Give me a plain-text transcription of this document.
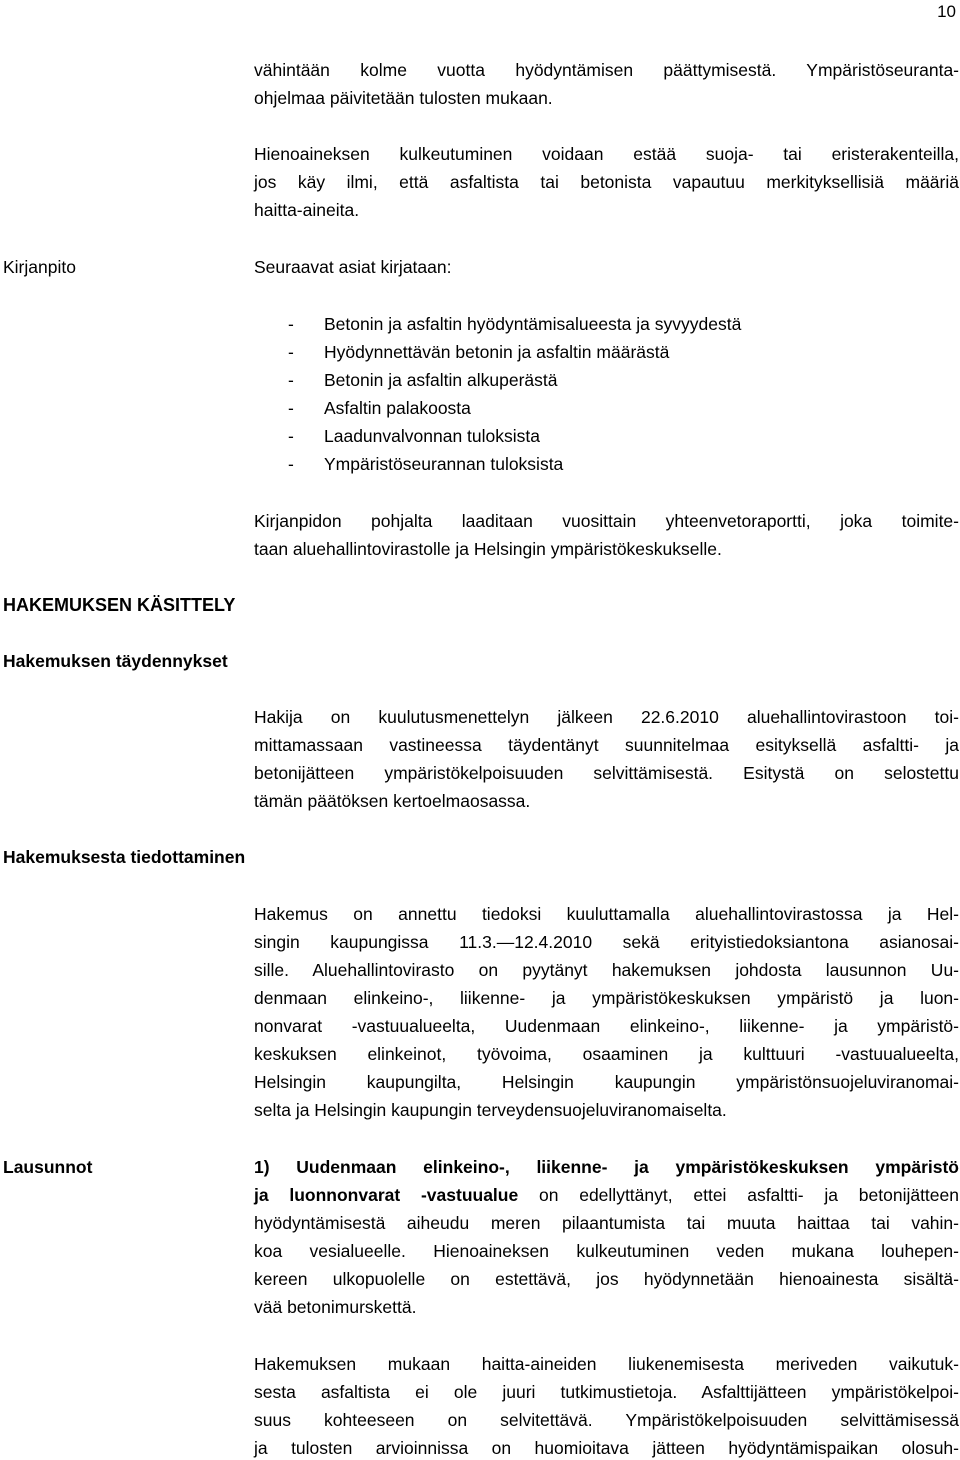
10
vähintään kolme vuotta hyödyntämisen päättymisestä. Ympäristöseuranta-
ohjelmaa päivitetään tulosten mukaan.
Hienoaineksen kulkeutuminen voidaan estää suoja- tai eristerakenteilla,
jos käy ilmi, että asfaltista tai betonista vapautuu merkityksellisiä määriä
haitta-aineita.
Kirjanpito	Seuraavat asiat kirjataan:
- Betonin ja asfaltin hyödyntämisalueesta ja syvyydestä
- Hyödynnettävän betonin ja asfaltin määrästä
- Betonin ja asfaltin alkuperästä
- Asfaltin palakoosta
- Laadunvalvonnan tuloksista
- Ympäristöseurannan tuloksista
Kirjanpidon pohjalta laaditaan vuosittain yhteenvetoraportti, joka toimite-
taan aluehallintovirastolle ja Helsingin ympäristökeskukselle.
HAKEMUKSEN KÄSITTELY
Hakemuksen täydennykset
Hakija on kuulutusmenettelyn jälkeen 22.6.2010 aluehallintovirastoon toi-
mittamassaan vastineessa täydentänyt suunnitelmaa esityksellä asfaltti- ja
betonijätteen ympäristökelpoisuuden selvittämisestä. Esitystä on selostettu
tämän päätöksen kertoelmaosassa.
Hakemuksesta tiedottaminen
Hakemus on annettu tiedoksi kuuluttamalla aluehallintovirastossa ja Hel-
singin kaupungissa 11.3.—12.4.2010 sekä erityistiedoksiantona asianosai-
sille. Aluehallintovirasto on pyytänyt hakemuksen johdosta lausunnon Uu-
denmaan elinkeino-, liikenne- ja ympäristökeskuksen ympäristö ja luon-
nonvarat -vastuualueelta, Uudenmaan elinkeino-, liikenne- ja ympäristö-
keskuksen elinkeinot, työvoima, osaaminen ja kulttuuri -vastuualueelta,
Helsingin kaupungilta, Helsingin kaupungin ympäristönsuojeluviranomai-
selta ja Helsingin kaupungin terveydensuojeluviranomaiselta.
Lausunnot	1) Uudenmaan elinkeino-, liikenne- ja ympäristökeskuksen ympäristö
ja luonnonvarat -vastuualue on edellyttänyt, ettei asfaltti- ja betonijätteen
hyödyntämisestä aiheudu meren pilaantumista tai muuta haittaa tai vahin-
koa vesialueelle. Hienoaineksen kulkeutuminen veden mukana louhepen-
kereen ulkopuolelle on estettävä, jos hyödynnetään hienoainesta sisältä-
vää betonimurskettä.
Hakemuksen mukaan haitta-aineiden liukenemisesta meriveden vaikutuk-
sesta asfaltista ei ole juuri tutkimustietoja. Asfalttijätteen ympäristökelpoi-
suus kohteeseen on selvitettävä. Ympäristökelpoisuuden selvittämisessä
ja tulosten arvioinnissa on huomioitava jätteen hyödyntämispaikan olosuh-
